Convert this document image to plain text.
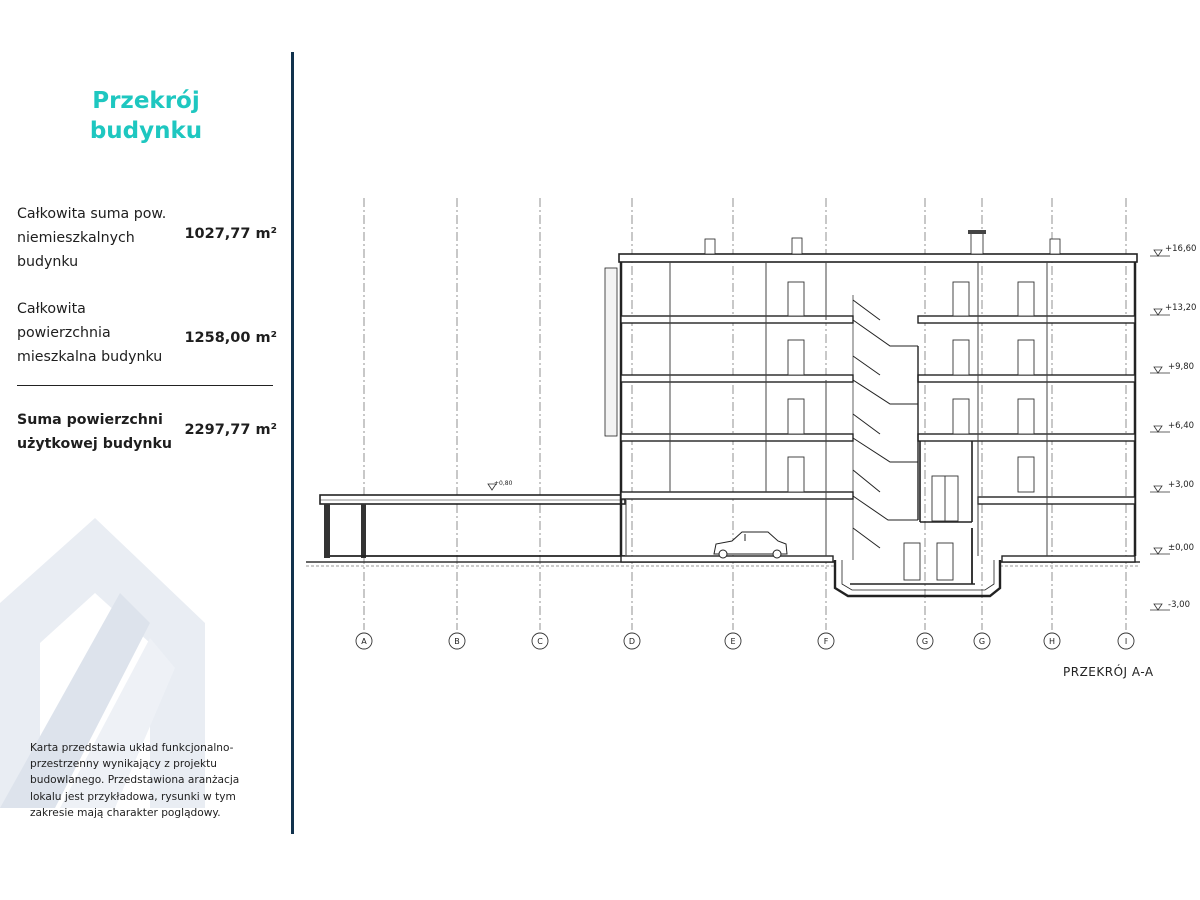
Przekrój
budynku
Całkowita suma pow.
niemieszkalnych
budynku
1027,77 m²
Całkowita
powierzchnia
mieszkalna budynku
1258,00 m²
Suma powierzchni
użytkowej budynku
2297,77 m²
Karta przedstawia układ funkcjonalno-
przestrzenny wynikający z projektu
budowlanego. Przedstawiona aranżacja
lokalu jest przykładowa, rysunki w tym
zakresie mają charakter poglądowy.
+16,60
+13,20
+9,80
+6,40
+3,00
±0,00
-3,00
+0,80
A	B	C	D	E	F	G	G	H	I
PRZEKRÓJ A-A
